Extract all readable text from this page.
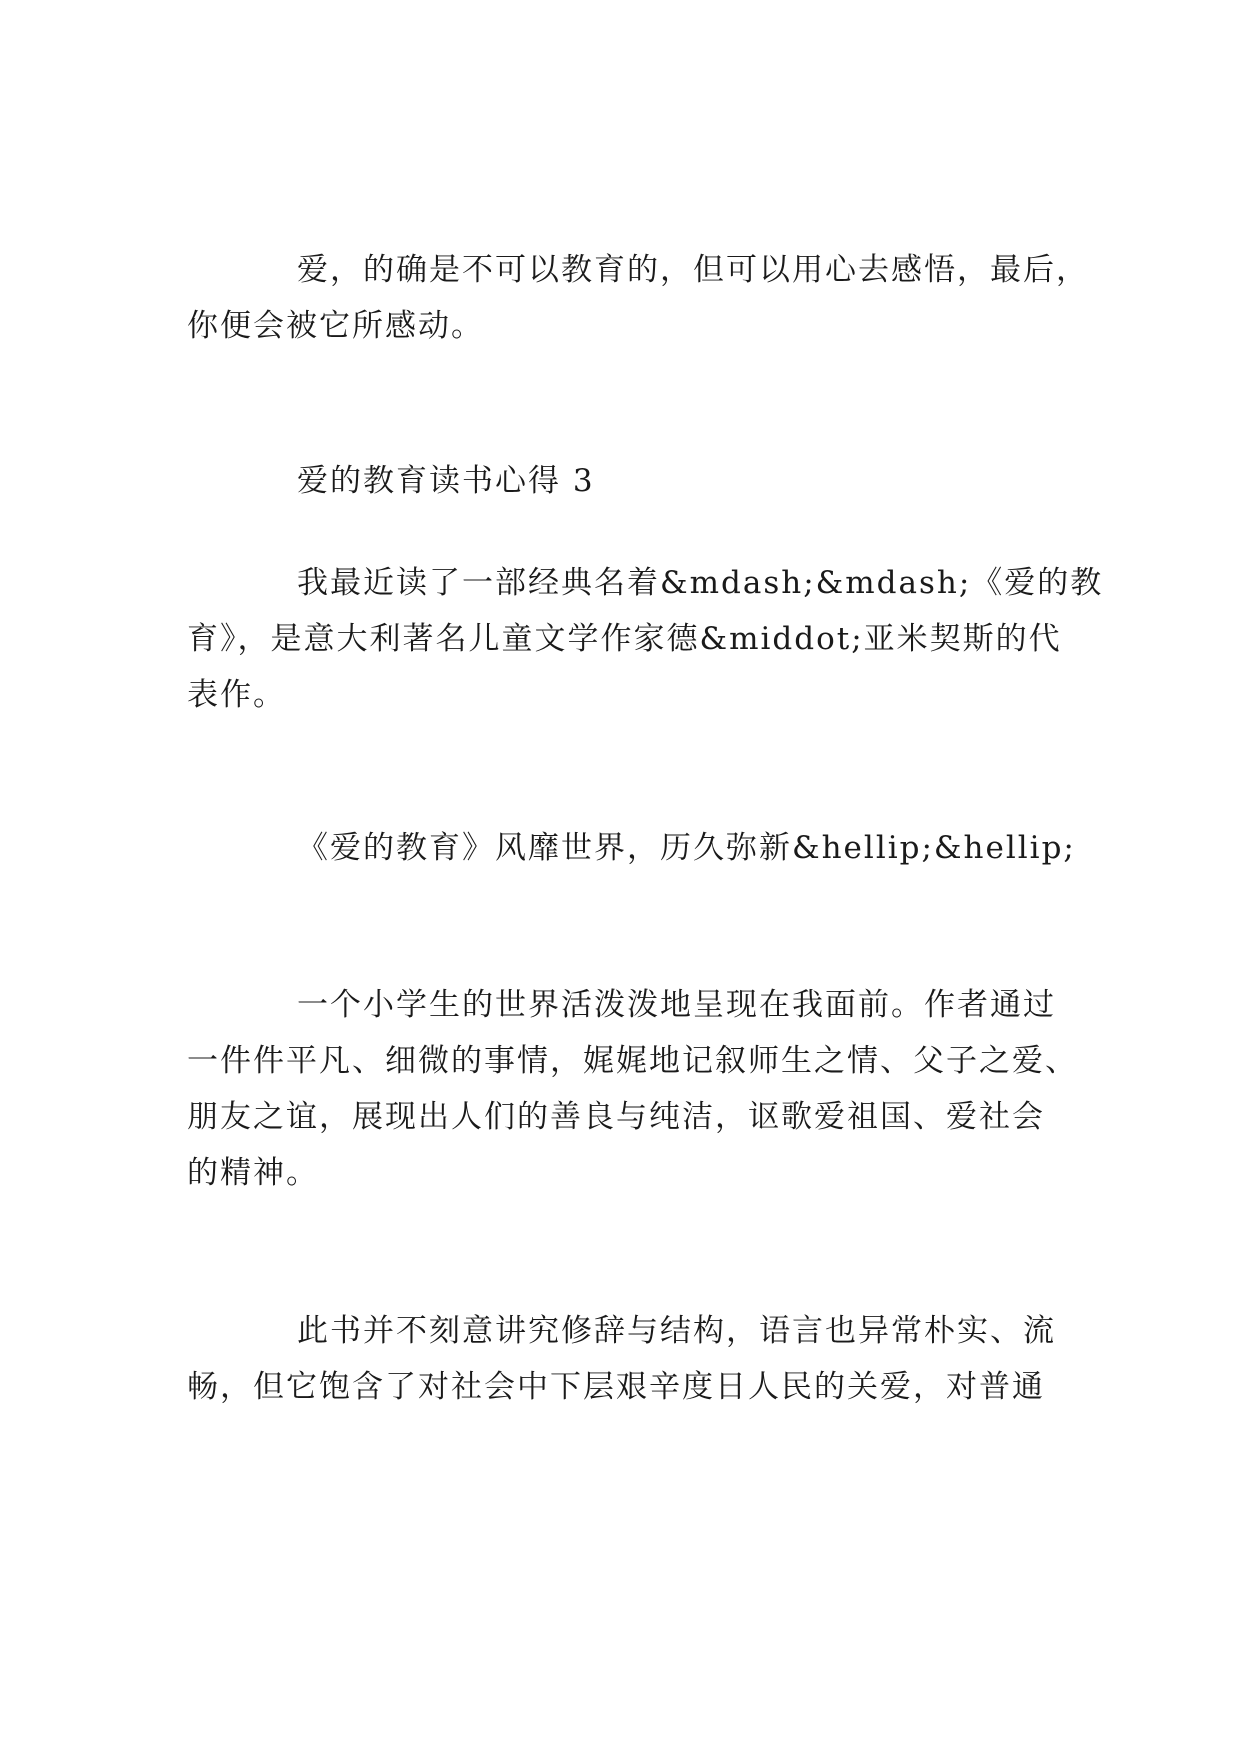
爱，的确是不可以教育的，但可以用心去感悟，最后，

你便会被它所感动。

爱的教育读书心得 3

我最近读了一部经典名着&mdash;&mdash;《爱的教

育》，是意大利著名儿童文学作家德&middot;亚米契斯的代

表作。

《爱的教育》风靡世界，历久弥新&hellip;&hellip;

一个小学生的世界活泼泼地呈现在我面前。作者通过

一件件平凡、细微的事情，娓娓地记叙师生之情、父子之爱、

朋友之谊，展现出人们的善良与纯洁，讴歌爱祖国、爱社会

的精神。

此书并不刻意讲究修辞与结构，语言也异常朴实、流

畅，但它饱含了对社会中下层艰辛度日人民的关爱，对普通
